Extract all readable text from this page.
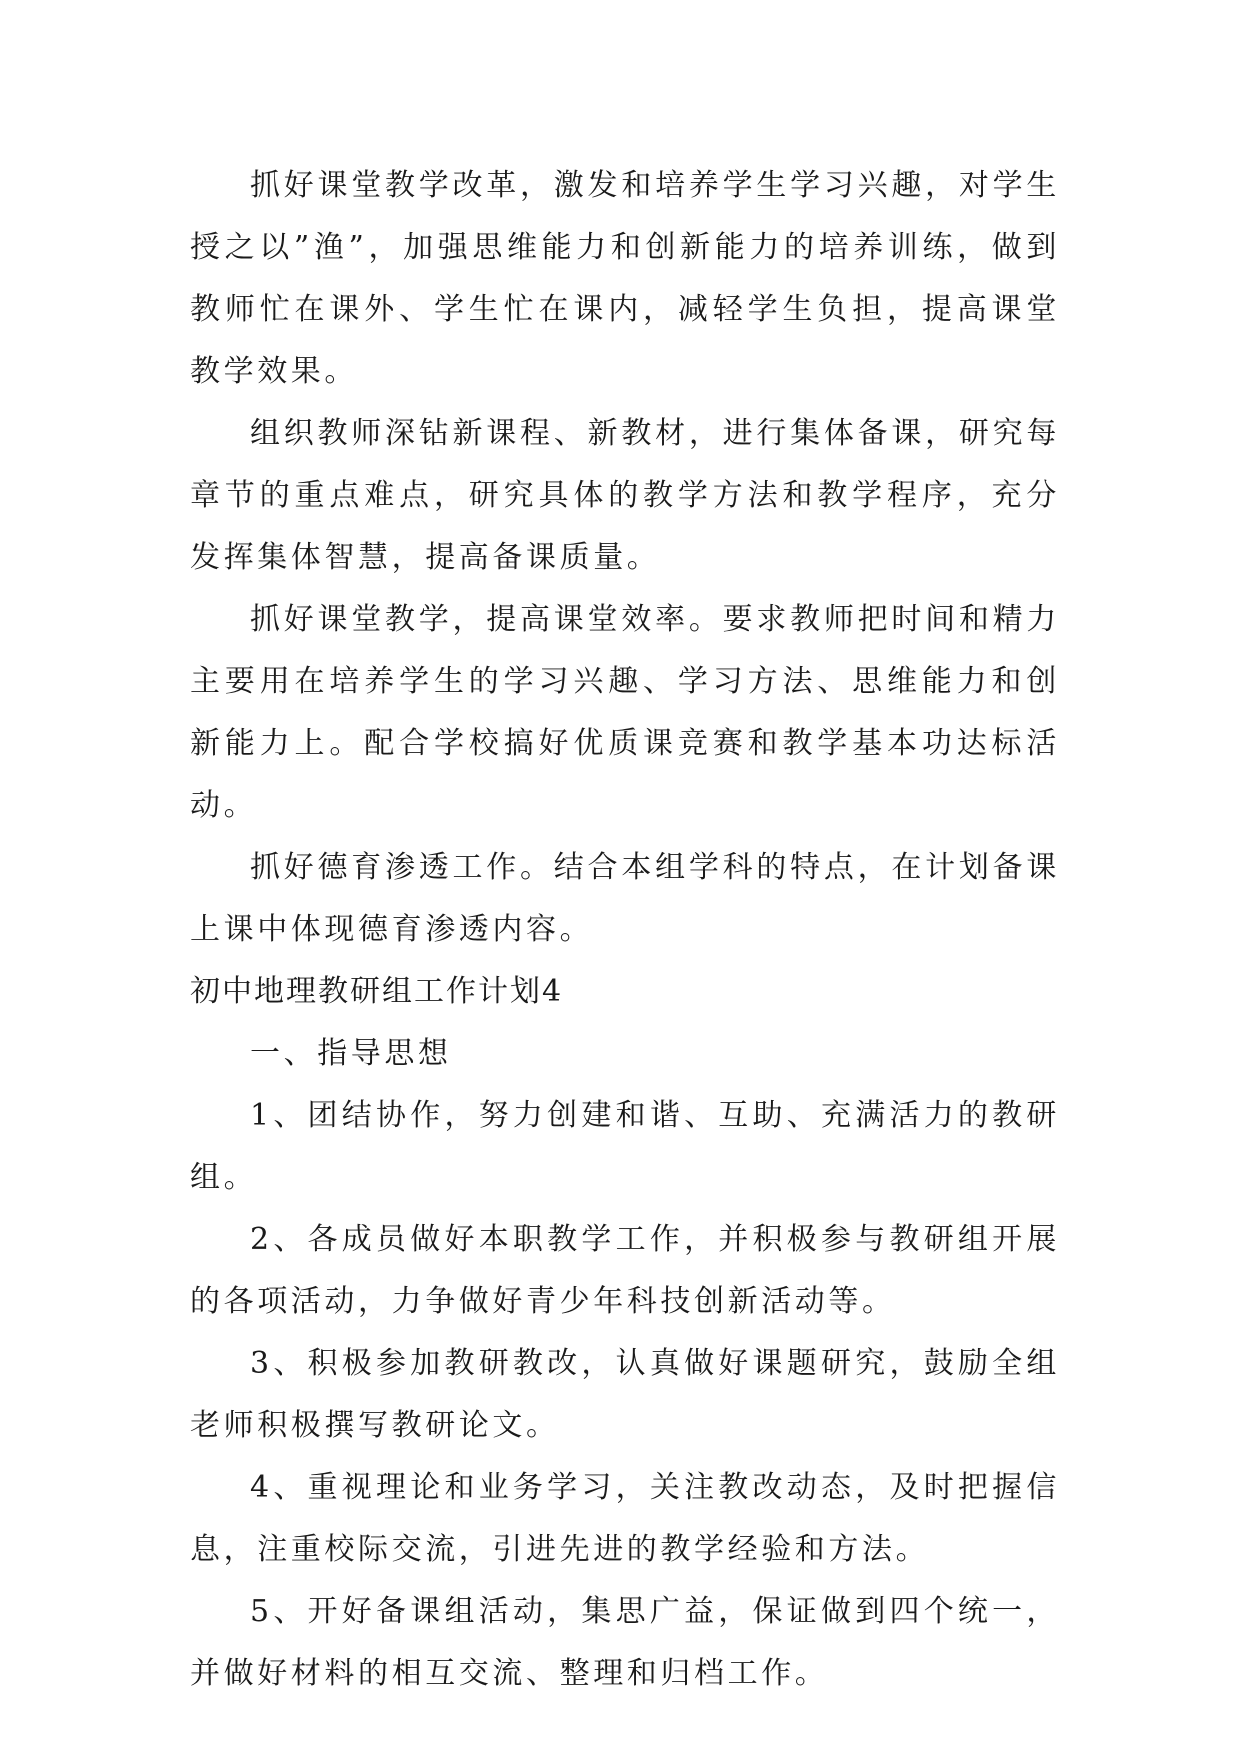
抓好课堂教学改革，激发和培养学生学习兴趣，对学生授之以”渔”，加强思维能力和创新能力的培养训练，做到教师忙在课外、学生忙在课内，减轻学生负担，提高课堂教学效果。

组织教师深钻新课程、新教材，进行集体备课，研究每章节的重点难点，研究具体的教学方法和教学程序，充分发挥集体智慧，提高备课质量。

抓好课堂教学，提高课堂效率。要求教师把时间和精力主要用在培养学生的学习兴趣、学习方法、思维能力和创新能力上。配合学校搞好优质课竞赛和教学基本功达标活动。

抓好德育渗透工作。结合本组学科的特点，在计划备课上课中体现德育渗透内容。

初中地理教研组工作计划4

一、指导思想

1、团结协作，努力创建和谐、互助、充满活力的教研组。

2、各成员做好本职教学工作，并积极参与教研组开展的各项活动，力争做好青少年科技创新活动等。

3、积极参加教研教改，认真做好课题研究，鼓励全组老师积极撰写教研论文。

4、重视理论和业务学习，关注教改动态，及时把握信息，注重校际交流，引进先进的教学经验和方法。

5、开好备课组活动，集思广益，保证做到四个统一，并做好材料的相互交流、整理和归档工作。
